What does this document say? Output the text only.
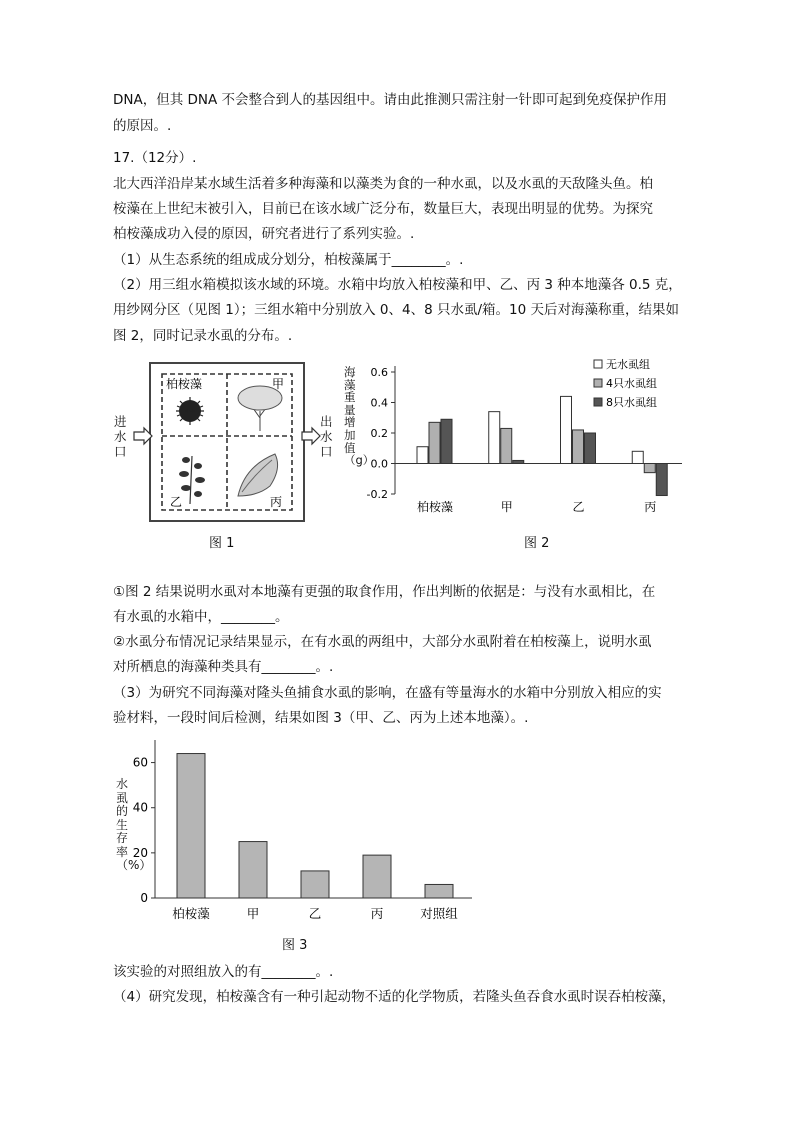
DNA，但其 DNA 不会整合到人的基因组中。请由此推测只需注射一针即可起到免疫保护作用
的原因。.
17.（12分）.
北大西洋沿岸某水域生活着多种海藻和以藻类为食的一种水虱，以及水虱的天敌隆头鱼。柏
桉藻在上世纪末被引入，目前已在该水域广泛分布，数量巨大，表现出明显的优势。为探究
柏桉藻成功入侵的原因，研究者进行了系列实验。.
（1）从生态系统的组成成分划分，柏桉藻属于________。.
（2）用三组水箱模拟该水域的环境。水箱中均放入柏桉藻和甲、乙、丙 3 种本地藻各 0.5 克，
用纱网分区（见图 1）；三组水箱中分别放入 0、4、8 只水虱/箱。10 天后对海藻称重，结果如
图 2，同时记录水虱的分布。.
柏桉藻	甲
乙	丙
进水口
出水口
图 1
0.6
0.4
0.2
0.0
-0.2
柏桉藻	甲	乙	丙
无水虱组
4只水虱组
8只水虱组
海藻重量增加值（g）
图 2
①图 2 结果说明水虱对本地藻有更强的取食作用，作出判断的依据是：与没有水虱相比，在
有水虱的水箱中，________。
②水虱分布情况记录结果显示，在有水虱的两组中，大部分水虱附着在柏桉藻上，说明水虱
对所栖息的海藻种类具有________。.
（3）为研究不同海藻对隆头鱼捕食水虱的影响，在盛有等量海水的水箱中分别放入相应的实
验材料，一段时间后检测，结果如图 3（甲、乙、丙为上述本地藻）。.
60
40
20
0
柏桉藻	甲	乙	丙	对照组
水虱的生存率（%）
图 3
该实验的对照组放入的有________。.
（4）研究发现，柏桉藻含有一种引起动物不适的化学物质，若隆头鱼吞食水虱时误吞柏桉藻，
